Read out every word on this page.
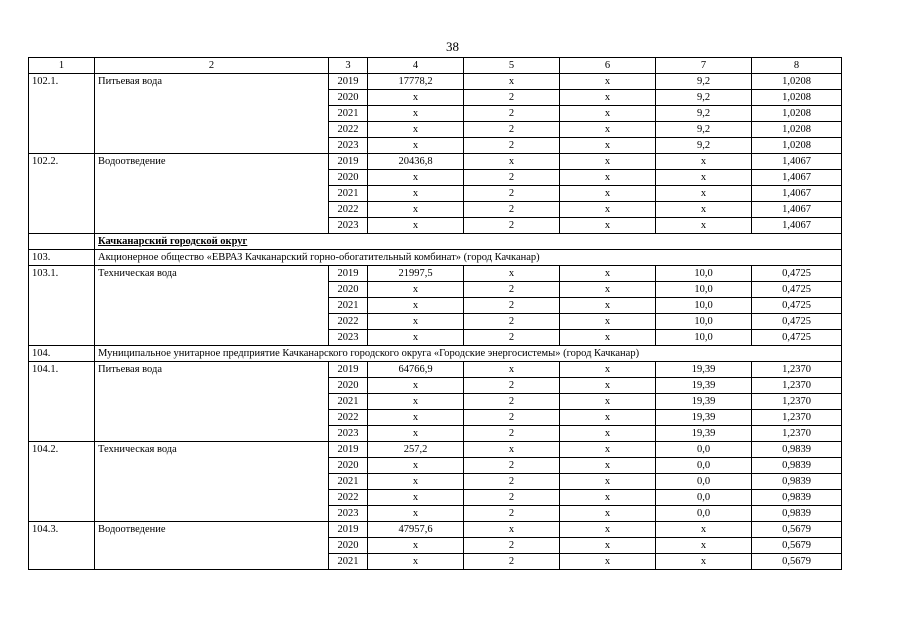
38
1	2	3	4	5	6	7	8
102.1.	Питьевая вода	2019	17778,2	x	x	9,2	1,0208
		2020	x	2	x	9,2	1,0208
		2021	x	2	x	9,2	1,0208
		2022	x	2	x	9,2	1,0208
		2023	x	2	x	9,2	1,0208
102.2.	Водоотведение	2019	20436,8	x	x	x	1,4067
		2020	x	2	x	x	1,4067
		2021	x	2	x	x	1,4067
		2022	x	2	x	x	1,4067
		2023	x	2	x	x	1,4067
	Качканарский городской округ						
103.	Акционерное общество «ЕВРАЗ Качканарский горно-обогатительный комбинат» (город Качканар)						
103.1.	Техническая вода	2019	21997,5	x	x	10,0	0,4725
		2020	x	2	x	10,0	0,4725
		2021	x	2	x	10,0	0,4725
		2022	x	2	x	10,0	0,4725
		2023	x	2	x	10,0	0,4725
104.	Муниципальное унитарное предприятие Качканарского городского округа «Городские энергосистемы» (город Качканар)						
104.1.	Питьевая вода	2019	64766,9	x	x	19,39	1,2370
		2020	x	2	x	19,39	1,2370
		2021	x	2	x	19,39	1,2370
		2022	x	2	x	19,39	1,2370
		2023	x	2	x	19,39	1,2370
104.2.	Техническая вода	2019	257,2	x	x	0,0	0,9839
		2020	x	2	x	0,0	0,9839
		2021	x	2	x	0,0	0,9839
		2022	x	2	x	0,0	0,9839
		2023	x	2	x	0,0	0,9839
104.3.	Водоотведение	2019	47957,6	x	x	x	0,5679
		2020	x	2	x	x	0,5679
		2021	x	2	x	x	0,5679
